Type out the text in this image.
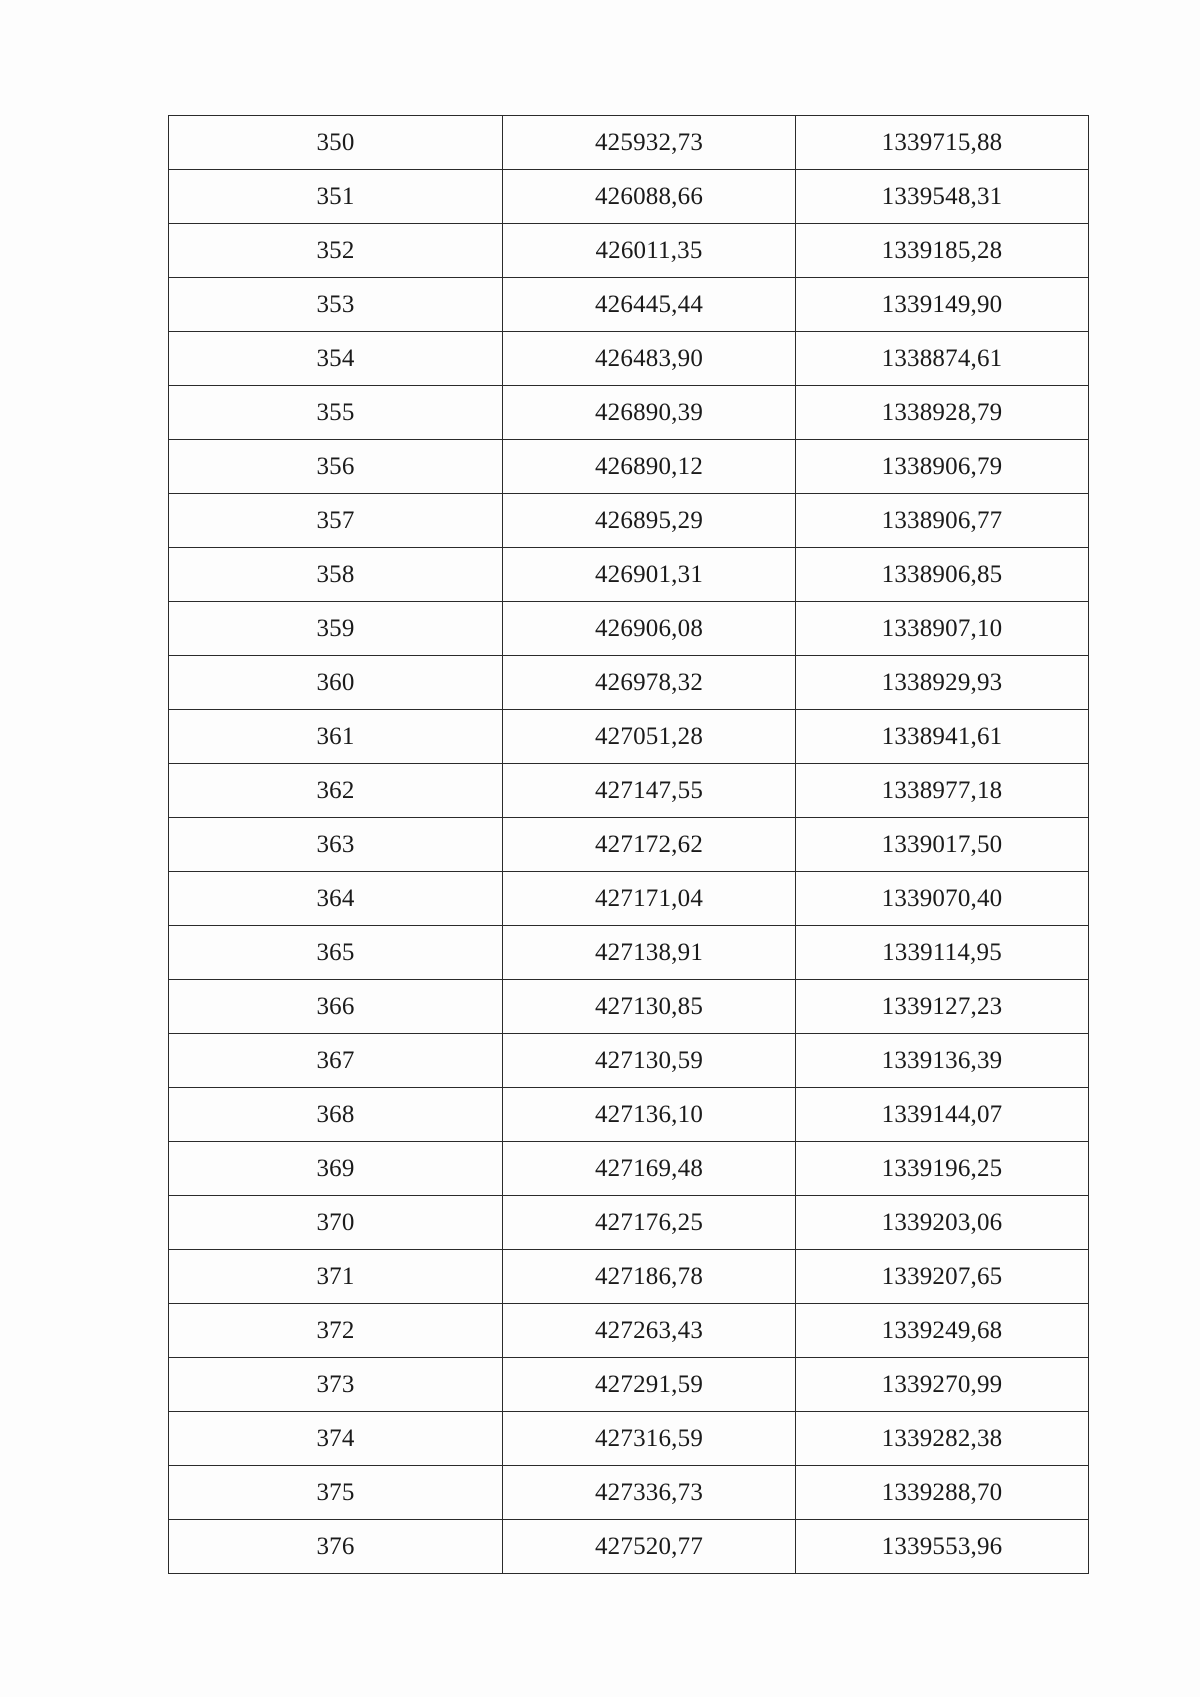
350	425932,73	1339715,88
351	426088,66	1339548,31
352	426011,35	1339185,28
353	426445,44	1339149,90
354	426483,90	1338874,61
355	426890,39	1338928,79
356	426890,12	1338906,79
357	426895,29	1338906,77
358	426901,31	1338906,85
359	426906,08	1338907,10
360	426978,32	1338929,93
361	427051,28	1338941,61
362	427147,55	1338977,18
363	427172,62	1339017,50
364	427171,04	1339070,40
365	427138,91	1339114,95
366	427130,85	1339127,23
367	427130,59	1339136,39
368	427136,10	1339144,07
369	427169,48	1339196,25
370	427176,25	1339203,06
371	427186,78	1339207,65
372	427263,43	1339249,68
373	427291,59	1339270,99
374	427316,59	1339282,38
375	427336,73	1339288,70
376	427520,77	1339553,96
